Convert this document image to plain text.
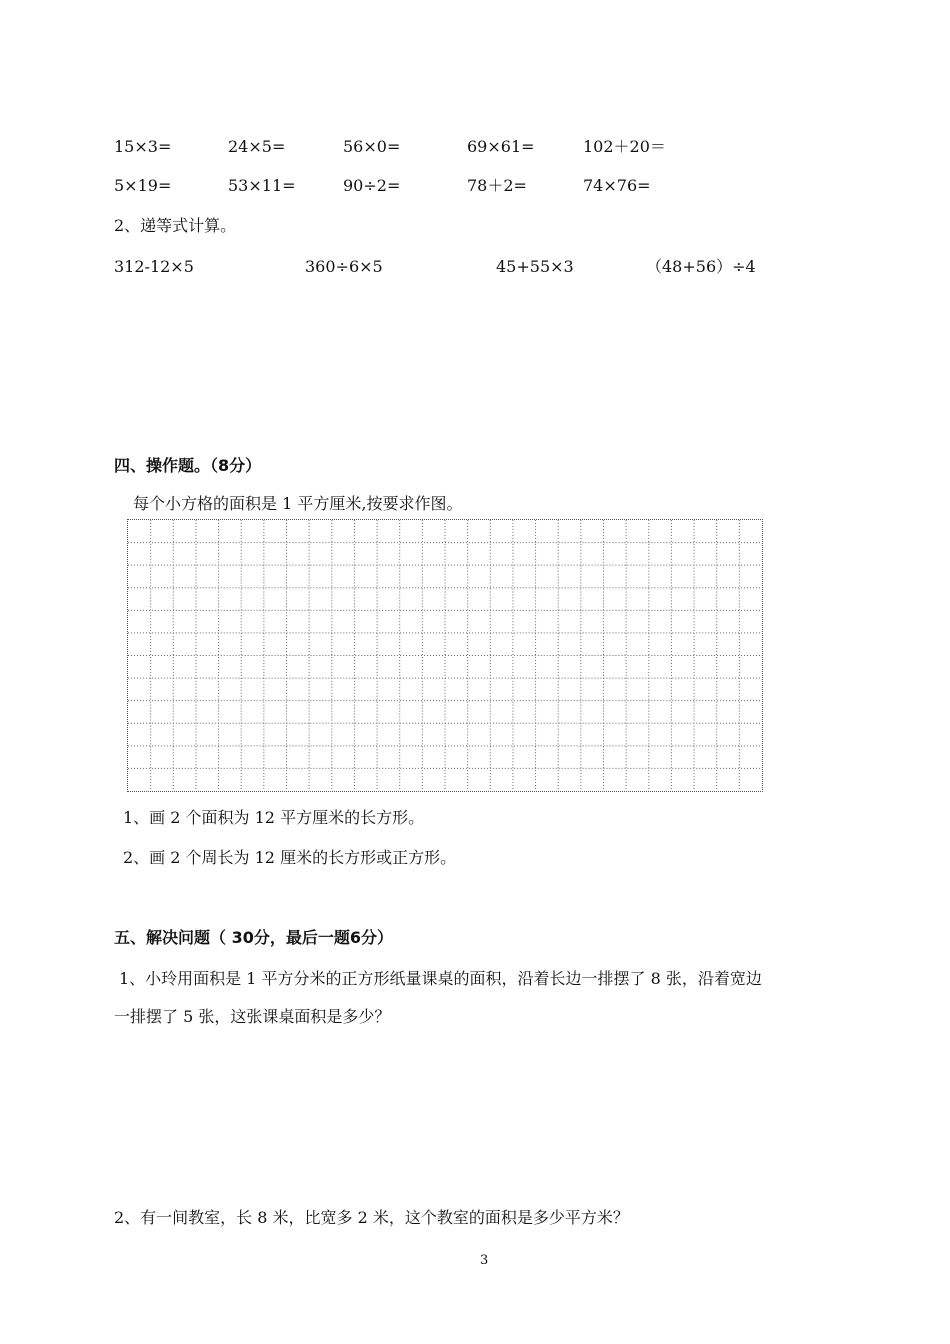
15×3=	24×5=	56×0=	69×61=	102＋20＝
5×19=	53×11=	90÷2=	78＋2=	74×76=
2、递等式计算。
312-12×5	360÷6×5	45+55×3	（48+56）÷4
四、操作题。（8分）
每个小方格的面积是 1 平方厘米,按要求作图。
1、画 2 个面积为 12 平方厘米的长方形。
2、画 2 个周长为 12 厘米的长方形或正方形。
五、解决问题（ 30分，最后一题6分）
1、小玲用面积是 1 平方分米的正方形纸量课桌的面积，沿着长边一排摆了 8 张，沿着宽边
一排摆了 5 张，这张课桌面积是多少？
2、有一间教室，长 8 米，比宽多 2 米，这个教室的面积是多少平方米？
3
